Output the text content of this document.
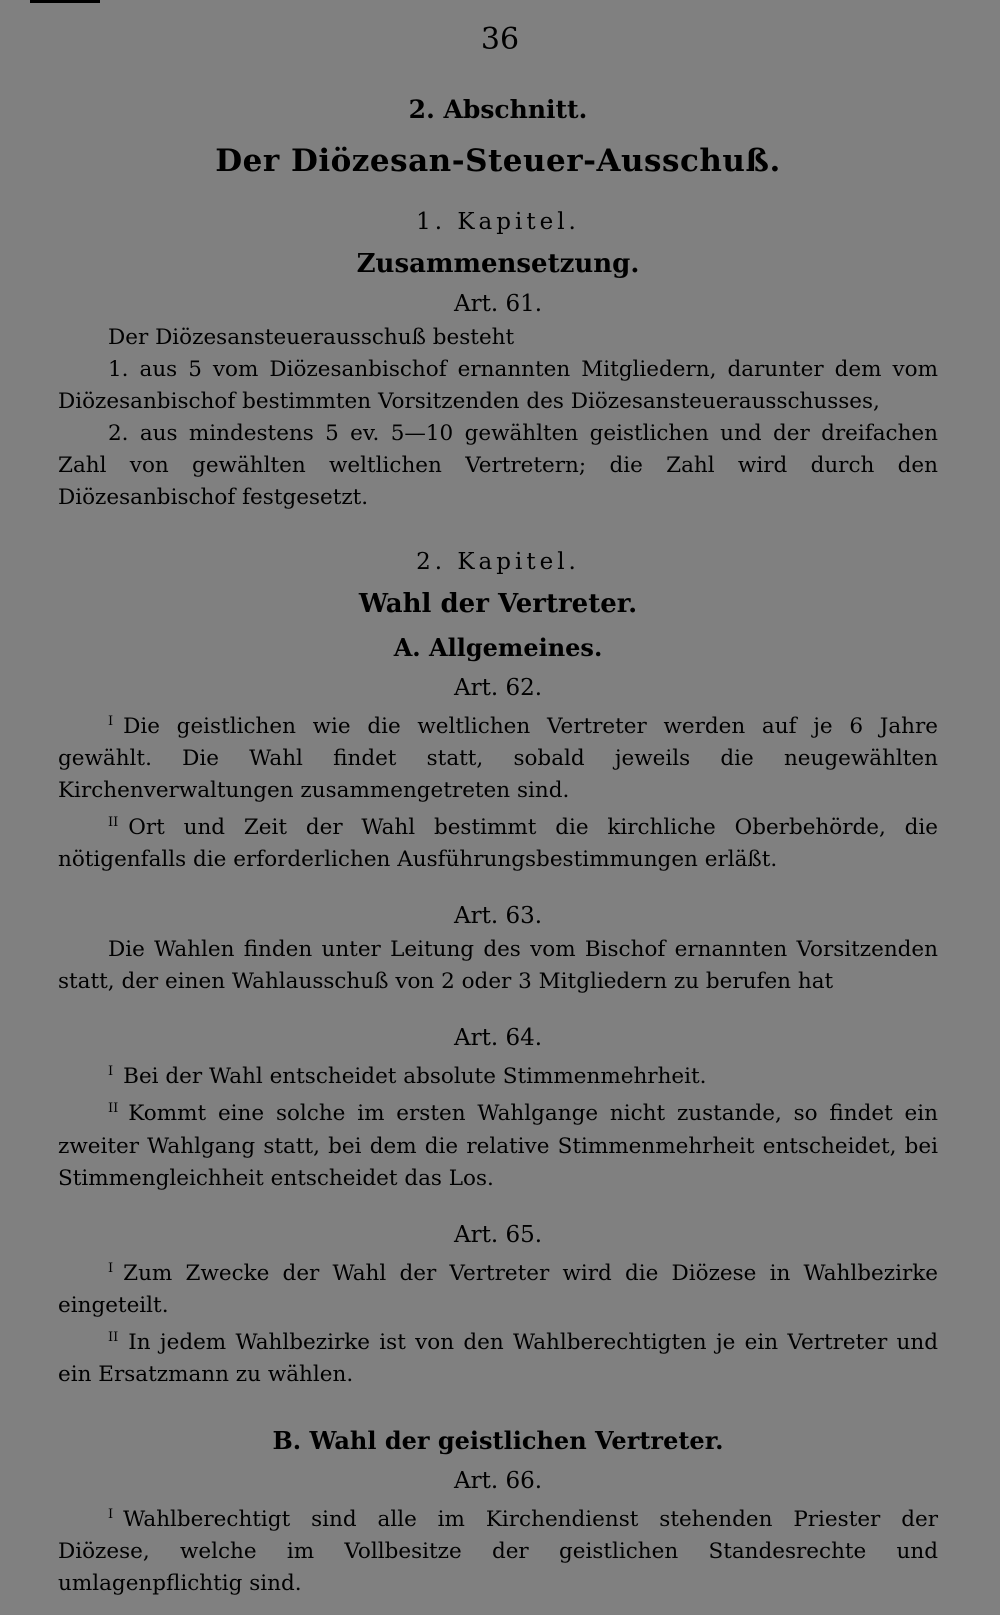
36

2. Abschnitt.

Der Diözesan-Steuer-Ausschuß.

1. Kapitel.

Zusammensetzung.

Art. 61.

Der Diözesansteuerausschuß besteht

1. aus 5 vom Diözesanbischof ernannten Mitgliedern, darunter dem vom Diözesanbischof bestimmten Vorsitzenden des Diözesansteuerausschusses,

2. aus mindestens 5 ev. 5—10 gewählten geistlichen und der dreifachen Zahl von gewählten weltlichen Vertretern; die Zahl wird durch den Diözesanbischof festgesetzt.

2. Kapitel.

Wahl der Vertreter.

A. Allgemeines.

Art. 62.

$^I$ Die geistlichen wie die weltlichen Vertreter werden auf je 6 Jahre gewählt. Die Wahl findet statt, sobald jeweils die neugewählten Kirchenverwaltungen zusammengetreten sind.

$^{II}$ Ort und Zeit der Wahl bestimmt die kirchliche Oberbehörde, die nötigenfalls die erforderlichen Ausführungsbestimmungen erläßt.

Art. 63.

Die Wahlen finden unter Leitung des vom Bischof ernannten Vorsitzenden statt, der einen Wahlausschuß von 2 oder 3 Mitgliedern zu berufen hat

Art. 64.

$^I$ Bei der Wahl entscheidet absolute Stimmenmehrheit.

$^{II}$ Kommt eine solche im ersten Wahlgange nicht zustande, so findet ein zweiter Wahlgang statt, bei dem die relative Stimmenmehrheit entscheidet, bei Stimmengleichheit entscheidet das Los.

Art. 65.

$^I$ Zum Zwecke der Wahl der Vertreter wird die Diözese in Wahlbezirke eingeteilt.

$^{II}$ In jedem Wahlbezirke ist von den Wahlberechtigten je ein Vertreter und ein Ersatzmann zu wählen.

B. Wahl der geistlichen Vertreter.

Art. 66.

$^I$ Wahlberechtigt sind alle im Kirchendienst stehenden Priester der Diözese, welche im Vollbesitze der geistlichen Standesrechte und umlagenpflichtig sind.
